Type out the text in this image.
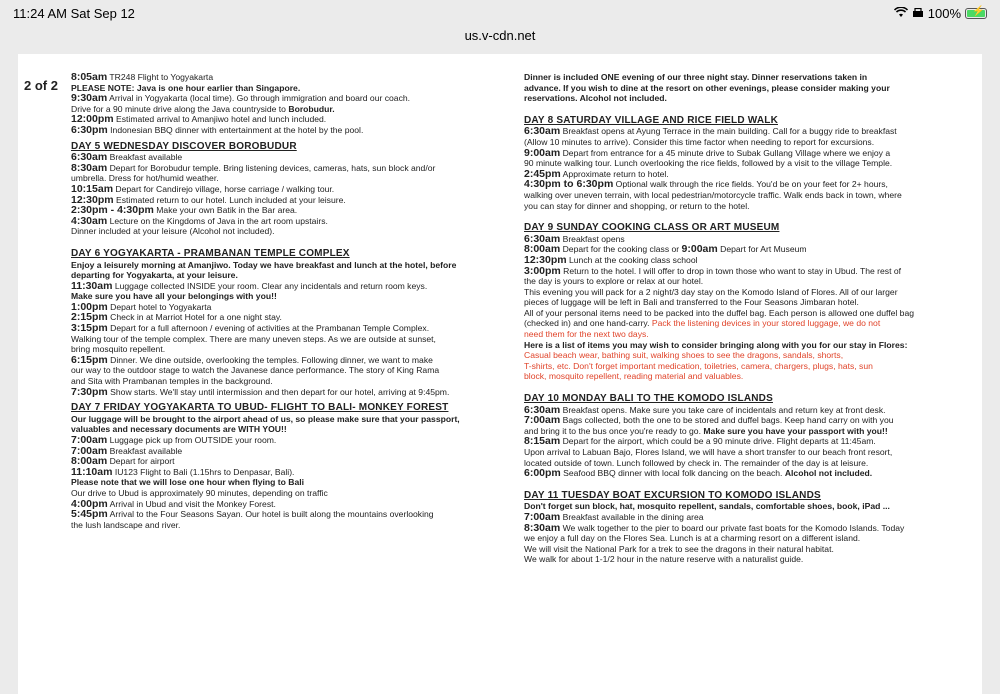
11:24 AM Sat Sep 12	100% ⚡
us.v-cdn.net
2 of 2
8:05am TR248 Flight to Yogyakarta
PLEASE NOTE: Java is one hour earlier than Singapore.
9:30am Arrival in Yogyakarta (local time). Go through immigration and board our coach.
Drive for a 90 minute drive along the Java countryside to Borobudur.
12:00pm Estimated arrival to Amanjiwo hotel and lunch included.
6:30pm Indonesian BBQ dinner with entertainment at the hotel by the pool.
DAY 5 WEDNESDAY DISCOVER BOROBUDUR
6:30am Breakfast available
8:30am Depart for Borobudur temple. Bring listening devices, cameras, hats, sun block and/or
umbrella. Dress for hot/humid weather.
10:15am Depart for Candirejo village, horse carriage / walking tour.
12:30pm Estimated return to our hotel. Lunch included at your leisure.
2:30pm - 4:30pm Make your own Batik in the Bar area.
4:30am Lecture on the Kingdoms of Java in the art room upstairs.
Dinner included at your leisure (Alcohol not included).
DAY 6 YOGYAKARTA - PRAMBANAN TEMPLE COMPLEX
Enjoy a leisurely morning at Amanjiwo. Today we have breakfast and lunch at the hotel, before
departing for Yogyakarta, at your leisure.
11:30am Luggage collected INSIDE your room. Clear any incidentals and return room keys.
Make sure you have all your belongings with you!!
1:00pm Depart hotel to Yogyakarta
2:15pm Check in at Marriot Hotel for a one night stay.
3:15pm Depart for a full afternoon / evening of activities at the Prambanan Temple Complex.
Walking tour of the temple complex. There are many uneven steps. As we are outside at sunset,
bring mosquito repellent.
6:15pm Dinner. We dine outside, overlooking the temples. Following dinner, we want to make
our way to the outdoor stage to watch the Javanese dance performance. The story of King Rama
and Sita with Prambanan temples in the background.
7:30pm Show starts. We'll stay until intermission and then depart for our hotel, arriving at 9:45pm.
DAY 7 FRIDAY YOGYAKARTA TO UBUD- FLIGHT TO BALI- MONKEY FOREST
Our luggage will be brought to the airport ahead of us, so please make sure that your passport,
valuables and necessary documents are WITH YOU!!
7:00am Luggage pick up from OUTSIDE your room.
7:00am Breakfast available
8:00am Depart for airport
11:10am IU123 Flight to Bali (1.15hrs to Denpasar, Bali).
Please note that we will lose one hour when flying to Bali
Our drive to Ubud is approximately 90 minutes, depending on traffic
4:00pm Arrival in Ubud and visit the Monkey Forest.
5:45pm Arrival to the Four Seasons Sayan. Our hotel is built along the mountains overlooking
the lush landscape and river.
Dinner is included ONE evening of our three night stay. Dinner reservations taken in
advance. If you wish to dine at the resort on other evenings, please consider making your
reservations. Alcohol not included.
DAY 8 SATURDAY VILLAGE AND RICE FIELD WALK
6:30am Breakfast opens at Ayung Terrace in the main building. Call for a buggy ride to breakfast
(Allow 10 minutes to arrive). Consider this time factor when needing to report for excursions.
9:00am Depart from entrance for a 45 minute drive to Subak Gullang Village where we enjoy a
90 minute walking tour. Lunch overlooking the rice fields, followed by a visit to the village Temple.
2:45pm Approximate return to hotel.
4:30pm to 6:30pm Optional walk through the rice fields. You'd be on your feet for 2+ hours,
walking over uneven terrain, with local pedestrian/motorcycle traffic. Walk ends back in town, where
you can stay for dinner and shopping, or return to the hotel.
DAY 9 SUNDAY COOKING CLASS OR ART MUSEUM
6:30am Breakfast opens
8:00am Depart for the cooking class or 9:00am Depart for Art Museum
12:30pm Lunch at the cooking class school
3:00pm Return to the hotel. I will offer to drop in town those who want to stay in Ubud. The rest of
the day is yours to explore or relax at our hotel.
This evening you will pack for a 2 night/3 day stay on the Komodo Island of Flores. All of our larger
pieces of luggage will be left in Bali and transferred to the Four Seasons Jimbaran hotel.
All of your personal items need to be packed into the duffel bag. Each person is allowed one duffel bag
(checked in) and one hand-carry. Pack the listening devices in your stored luggage, we do not
need them for the next two days.
Here is a list of items you may wish to consider bringing along with you for our stay in Flores:
Casual beach wear, bathing suit, walking shoes to see the dragons, sandals, shorts,
T-shirts, etc. Don't forget important medication, toiletries, camera, chargers, plugs, hats, sun
block, mosquito repellent, reading material and valuables.
DAY 10 MONDAY BALI TO THE KOMODO ISLANDS
6:30am Breakfast opens. Make sure you take care of incidentals and return key at front desk.
7:00am Bags collected, both the one to be stored and duffel bags. Keep hand carry on with you
and bring it to the bus once you're ready to go. Make sure you have your passport with you!!
8:15am Depart for the airport, which could be a 90 minute drive. Flight departs at 11:45am.
Upon arrival to Labuan Bajo, Flores Island, we will have a short transfer to our beach front resort,
located outside of town. Lunch followed by check in. The remainder of the day is at leisure.
6:00pm Seafood BBQ dinner with local folk dancing on the beach. Alcohol not included.
DAY 11 TUESDAY BOAT EXCURSION TO KOMODO ISLANDS
Don't forget sun block, hat, mosquito repellent, sandals, comfortable shoes, book, iPad ...
7:00am Breakfast available in the dining area
8:30am We walk together to the pier to board our private fast boats for the Komodo Islands. Today
we enjoy a full day on the Flores Sea. Lunch is at a charming resort on a different island.
We will visit the National Park for a trek to see the dragons in their natural habitat.
We walk for about 1-1/2 hour in the nature reserve with a naturalist guide.
